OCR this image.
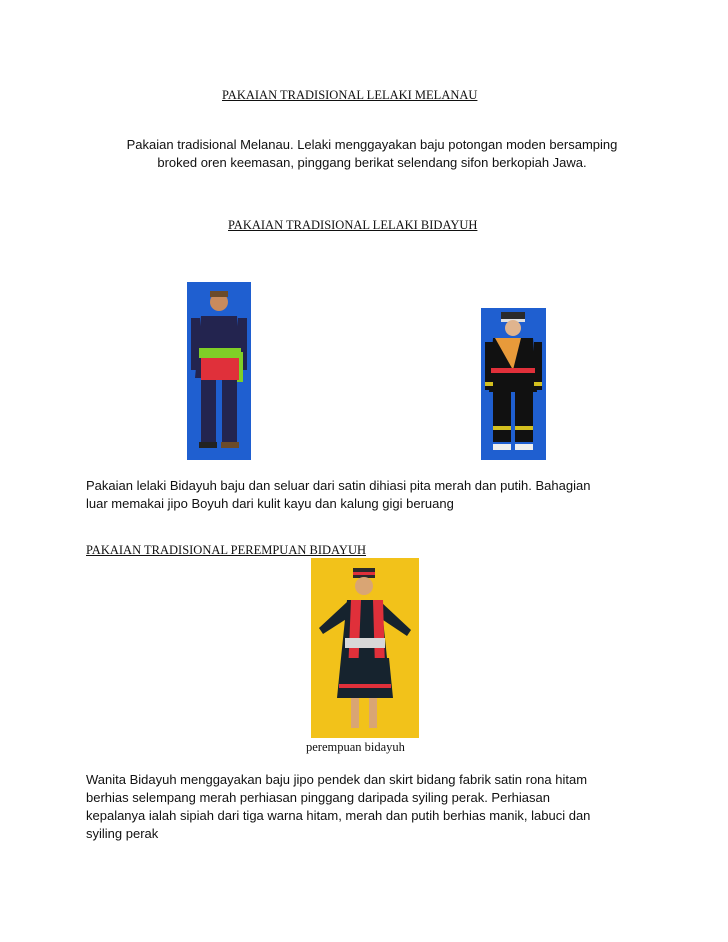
PAKAIAN TRADISIONAL LELAKI MELANAU
Pakaian tradisional Melanau. Lelaki menggayakan baju potongan moden bersamping
broked oren keemasan, pinggang berikat selendang sifon berkopiah Jawa.
PAKAIAN TRADISIONAL LELAKI BIDAYUH
Pakaian lelaki Bidayuh baju dan seluar dari satin dihiasi pita merah dan putih. Bahagian
luar memakai jipo Boyuh dari kulit kayu dan kalung gigi beruang
PAKAIAN TRADISIONAL PEREMPUAN BIDAYUH
perempuan bidayuh
Wanita Bidayuh menggayakan baju jipo pendek dan skirt bidang fabrik satin rona hitam
berhias selempang merah perhiasan pinggang daripada syiling perak. Perhiasan
kepalanya ialah sipiah dari tiga warna hitam, merah dan putih berhias manik, labuci dan
syiling perak
